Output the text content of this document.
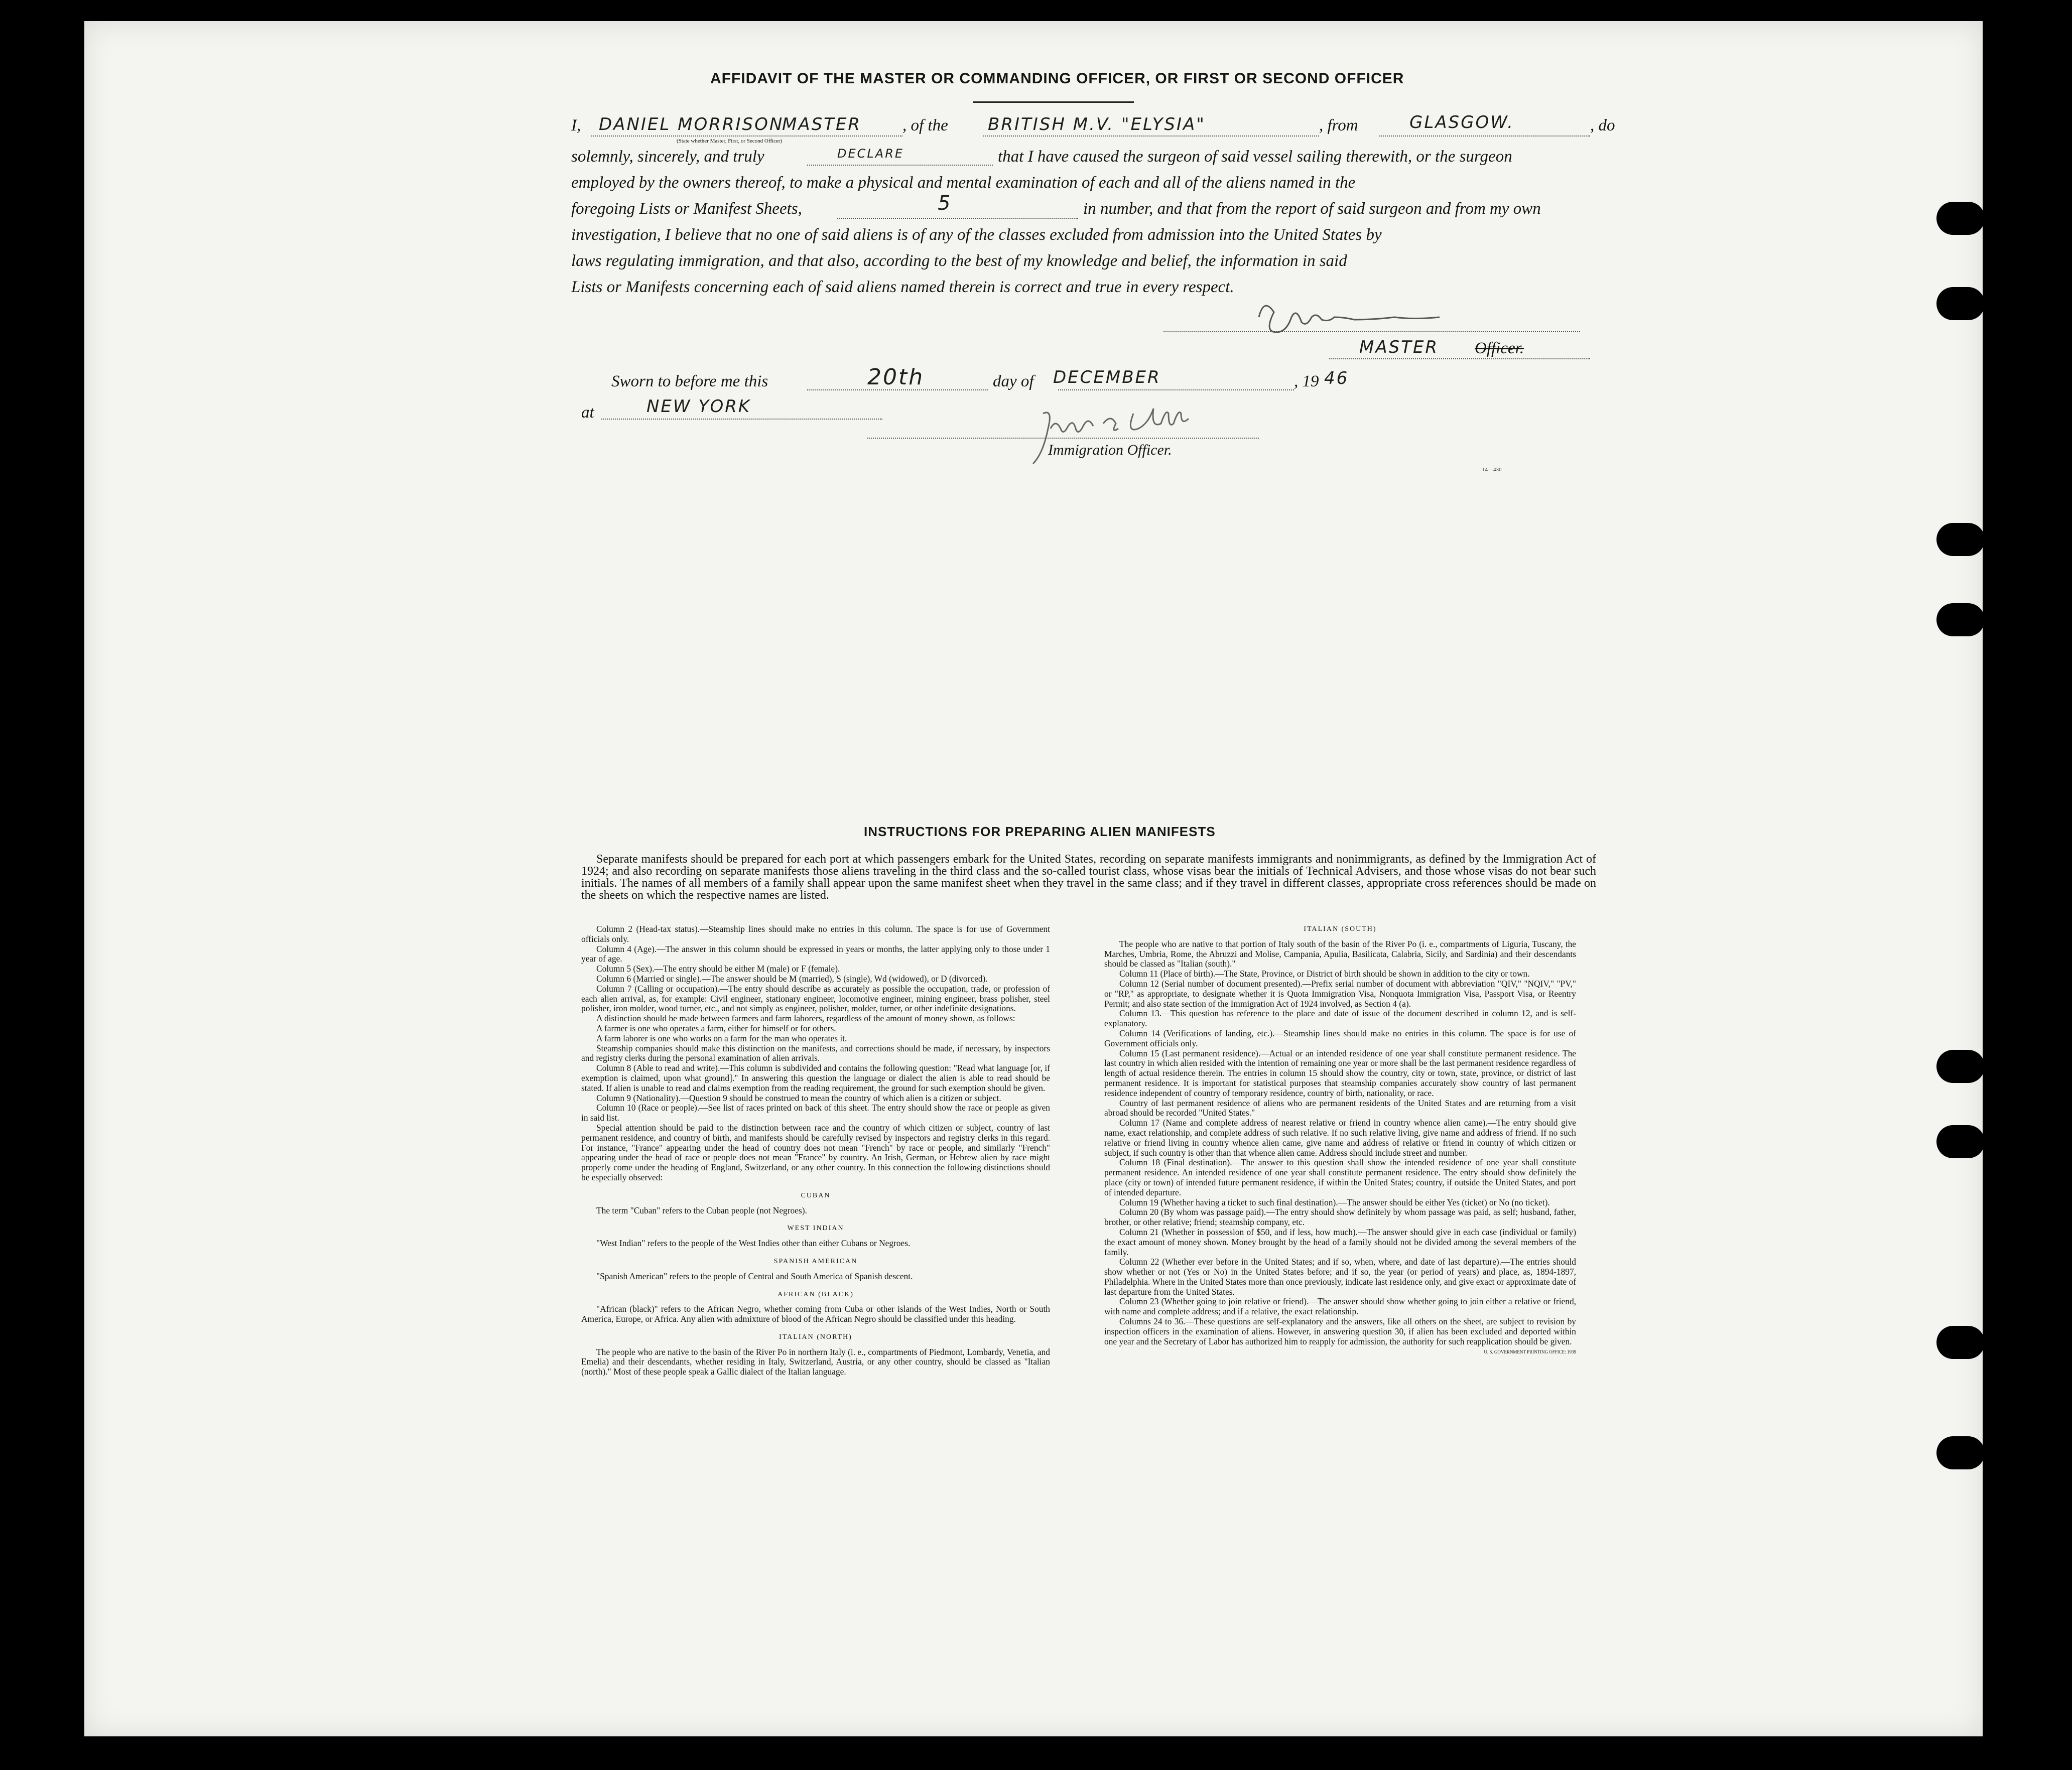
AFFIDAVIT OF THE MASTER OR COMMANDING OFFICER, OR FIRST OR SECOND OFFICER
I, DANIEL MORRISON
MASTER
(State whether Master, First, or Second Officer)
, of the BRITISH M.V. "ELYSIA"	, from	GLASGOW.	, do
solemnly, sincerely, and truly	DECLARE	that I have caused the surgeon of said vessel sailing therewith, or the surgeon
employed by the owners thereof, to make a physical and mental examination of each and all of the aliens named in the
foregoing Lists or Manifest Sheets,	5	in number, and that from the report of said surgeon and from my own
investigation, I believe that no one of said aliens is of any of the classes excluded from admission into the United States by
laws regulating immigration, and that also, according to the best of my knowledge and belief, the information in said
Lists or Manifests concerning each of said aliens named therein is correct and true in every respect.
MASTER Officer.
Sworn to before me this	20th	day of DECEMBER	, 19 46
at	NEW YORK
Immigration Officer.
14—430
INSTRUCTIONS FOR PREPARING ALIEN MANIFESTS

Separate manifests should be prepared for each port at which passengers embark for the United States, recording on separate manifests immigrants and nonimmigrants, as defined by the Immigration Act of 1924; and also recording on separate manifests those aliens traveling in the third class and the so-called tourist class, whose visas bear the initials of Technical Advisers, and those whose visas do not bear such initials. The names of all members of a family shall appear upon the same manifest sheet when they travel in the same class; and if they travel in different classes, appropriate cross references should be made on the sheets on which the respective names are listed.

Column 2 (Head-tax status).—Steamship lines should make no entries in this column. The space is for use of Government officials only.

Column 4 (Age).—The answer in this column should be expressed in years or months, the latter applying only to those under 1 year of age.

Column 5 (Sex).—The entry should be either M (male) or F (female).

Column 6 (Married or single).—The answer should be M (married), S (single), Wd (widowed), or D (divorced).

Column 7 (Calling or occupation).—The entry should describe as accurately as possible the occupation, trade, or profession of each alien arrival, as, for example: Civil engineer, stationary engineer, locomotive engineer, mining engineer, brass polisher, steel polisher, iron molder, wood turner, etc., and not simply as engineer, polisher, molder, turner, or other indefinite designations.

A distinction should be made between farmers and farm laborers, regardless of the amount of money shown, as follows:

A farmer is one who operates a farm, either for himself or for others.

A farm laborer is one who works on a farm for the man who operates it.

Steamship companies should make this distinction on the manifests, and corrections should be made, if necessary, by inspectors and registry clerks during the personal examination of alien arrivals.

Column 8 (Able to read and write).—This column is subdivided and contains the following question: "Read what language [or, if exemption is claimed, upon what ground]." In answering this question the language or dialect the alien is able to read should be stated. If alien is unable to read and claims exemption from the reading requirement, the ground for such exemption should be given.

Column 9 (Nationality).—Question 9 should be construed to mean the country of which alien is a citizen or subject.

Column 10 (Race or people).—See list of races printed on back of this sheet. The entry should show the race or people as given in said list.

Special attention should be paid to the distinction between race and the country of which citizen or subject, country of last permanent residence, and country of birth, and manifests should be carefully revised by inspectors and registry clerks in this regard. For instance, "France" appearing under the head of country does not mean "French" by race or people, and similarly "French" appearing under the head of race or people does not mean "France" by country. An Irish, German, or Hebrew alien by race might properly come under the heading of England, Switzerland, or any other country. In this connection the following distinctions should be especially observed:

CUBAN

The term "Cuban" refers to the Cuban people (not Negroes).

WEST INDIAN

"West Indian" refers to the people of the West Indies other than either Cubans or Negroes.

SPANISH AMERICAN

"Spanish American" refers to the people of Central and South America of Spanish descent.

AFRICAN (BLACK)

"African (black)" refers to the African Negro, whether coming from Cuba or other islands of the West Indies, North or South America, Europe, or Africa. Any alien with admixture of blood of the African Negro should be classified under this heading.

ITALIAN (NORTH)

The people who are native to the basin of the River Po in northern Italy (i. e., compartments of Piedmont, Lombardy, Venetia, and Emelia) and their descendants, whether residing in Italy, Switzerland, Austria, or any other country, should be classed as "Italian (north)." Most of these people speak a Gallic dialect of the Italian language.

ITALIAN (SOUTH)

The people who are native to that portion of Italy south of the basin of the River Po (i. e., compartments of Liguria, Tuscany, the Marches, Umbria, Rome, the Abruzzi and Molise, Campania, Apulia, Basilicata, Calabria, Sicily, and Sardinia) and their descendants should be classed as "Italian (south)."

Column 11 (Place of birth).—The State, Province, or District of birth should be shown in addition to the city or town.

Column 12 (Serial number of document presented).—Prefix serial number of document with abbreviation "QIV," "NQIV," "PV," or "RP," as appropriate, to designate whether it is Quota Immigration Visa, Nonquota Immigration Visa, Passport Visa, or Reentry Permit; and also state section of the Immigration Act of 1924 involved, as Section 4 (a).

Column 13.—This question has reference to the place and date of issue of the document described in column 12, and is self-explanatory.

Column 14 (Verifications of landing, etc.).—Steamship lines should make no entries in this column. The space is for use of Government officials only.

Column 15 (Last permanent residence).—Actual or an intended residence of one year shall constitute permanent residence. The last country in which alien resided with the intention of remaining one year or more shall be the last permanent residence regardless of length of actual residence therein. The entries in column 15 should show the country, city or town, state, province, or district of last permanent residence. It is important for statistical purposes that steamship companies accurately show country of last permanent residence independent of country of temporary residence, country of birth, nationality, or race.

Country of last permanent residence of aliens who are permanent residents of the United States and are returning from a visit abroad should be recorded "United States."

Column 17 (Name and complete address of nearest relative or friend in country whence alien came).—The entry should give name, exact relationship, and complete address of such relative. If no such relative living, give name and address of friend. If no such relative or friend living in country whence alien came, give name and address of relative or friend in country of which citizen or subject, if such country is other than that whence alien came. Address should include street and number.

Column 18 (Final destination).—The answer to this question shall show the intended residence of one year shall constitute permanent residence. An intended residence of one year shall constitute permanent residence. The entry should show definitely the place (city or town) of intended future permanent residence, if within the United States; country, if outside the United States, and port of intended departure.

Column 19 (Whether having a ticket to such final destination).—The answer should be either Yes (ticket) or No (no ticket).

Column 20 (By whom was passage paid).—The entry should show definitely by whom passage was paid, as self; husband, father, brother, or other relative; friend; steamship company, etc.

Column 21 (Whether in possession of $50, and if less, how much).—The answer should give in each case (individual or family) the exact amount of money shown. Money brought by the head of a family should not be divided among the several members of the family.

Column 22 (Whether ever before in the United States; and if so, when, where, and date of last departure).—The entries should show whether or not (Yes or No) in the United States before; and if so, the year (or period of years) and place, as, 1894-1897, Philadelphia. Where in the United States more than once previously, indicate last residence only, and give exact or approximate date of last departure from the United States.

Column 23 (Whether going to join relative or friend).—The answer should show whether going to join either a relative or friend, with name and complete address; and if a relative, the exact relationship.

Columns 24 to 36.—These questions are self-explanatory and the answers, like all others on the sheet, are subject to revision by inspection officers in the examination of aliens. However, in answering question 30, if alien has been excluded and deported within one year and the Secretary of Labor has authorized him to reapply for admission, the authority for such reapplication should be given.

U. S. GOVERNMENT PRINTING OFFICE: 1939
